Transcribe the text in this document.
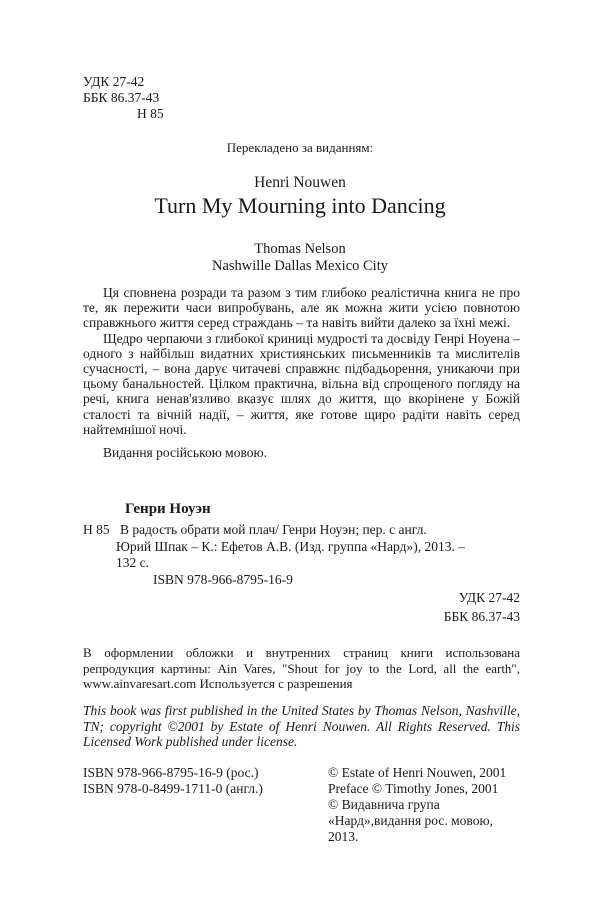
УДК 27-42
ББК 86.37-43
Н 85
Перекладено за виданням:
Henri Nouwen
Turn My Mourning into Dancing
Thomas Nelson
Nashwille Dallas Mexico City

Ця сповнена розради та разом з тим глибоко реалістична книга не про те, як пережити часи випробувань, але як можна жити усією повнотою справжнього життя серед страждань – та навіть вийти далеко за їхні межі.

Щедро черпаючи з глибокої криниці мудрості та досвіду Генрі Ноуена – одного з найбільш видатних християнських письменників та мислителів сучасності, – вона дарує читачеві справжнє підбадьорення, уникаючи при цьому банальностей. Цілком практична, вільна від спрощеного погляду на речі, книга ненав'язливо вказує шлях до життя, що вкорінене у Божій сталості та вічній надії, – життя, яке готове щиро радіти навіть серед найтемнішої ночі.

Видання російською мовою.
Генри Ноуэн
Н 85 В радость обрати мой плач/ Генри Ноуэн; пер. с англ.
Юрий Шпак – К.: Ефетов А.В. (Изд. группа «Нард»), 2013. –
132 с.
ISBN 978-966-8795-16-9
УДК 27-42
ББК 86.37-43

В оформлении обложки и внутренних страниц книги использована репродукция картины: Ain Vares, "Shout for joy to the Lord, all the earth", www.ainvaresart.com Используется с разрешения

This book was first published in the United States by Thomas Nelson, Nashville, TN; copyright ©2001 by Estate of Henri Nouwen. All Rights Reserved. This Licensed Work published under license.

ISBN 978-966-8795-16-9 (рос.)
ISBN 978-0-8499-1711-0 (англ.)
© Estate of Henri Nouwen, 2001
Preface © Timothy Jones, 2001
© Видавнича група «Нард»,видання рос. мовою, 2013.
